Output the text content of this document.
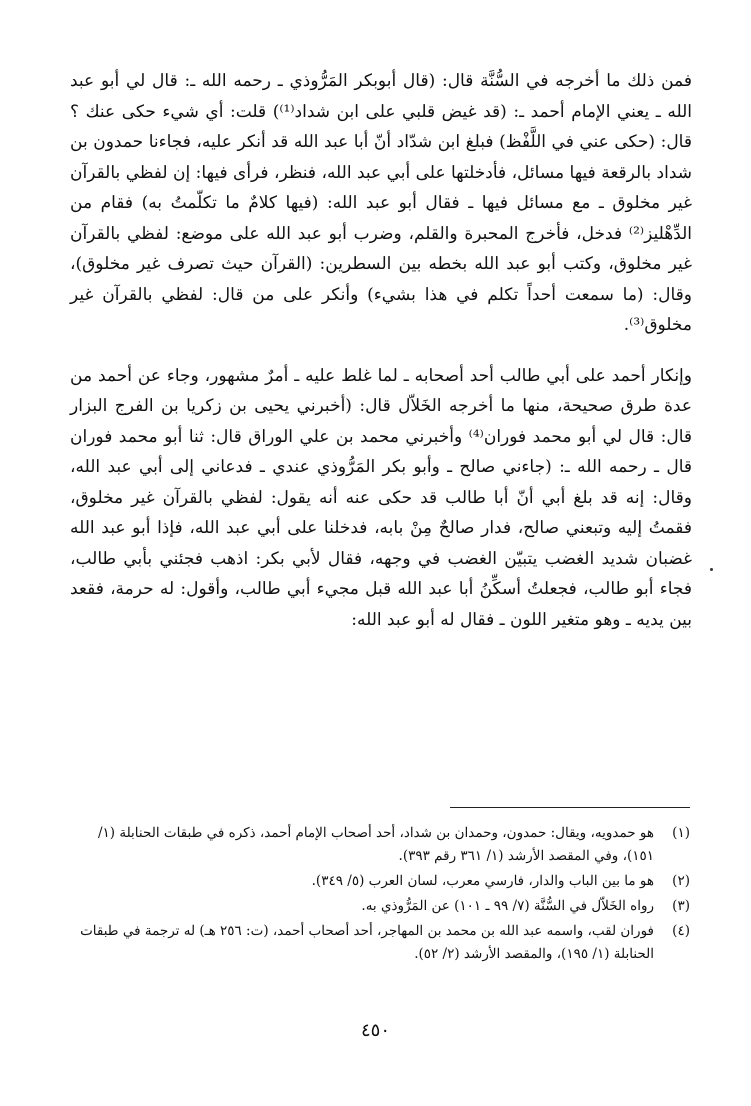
فمن ذلك ما أخرجه في السُّنَّة قال: (قال أبوبكر المَرُّوذي ـ رحمه الله ـ: قال لي أبو عبد الله ـ يعني الإمام أحمد ـ: (قد غيض قلبي على ابن شداد⁽¹⁾) قلت: أي شيء حكى عنك ؟ قال: (حكى عني في اللَّفْظ) فبلغ ابن شدّاد أنّ أبا عبد الله قد أنكر عليه، فجاءنا حمدون بن شداد بالرقعة فيها مسائل، فأدخلتها على أبي عبد الله، فنظر، فرأى فيها: إن لفظي بالقرآن غير مخلوق ـ مع مسائل فيها ـ فقال أبو عبد الله: (فيها كلامٌ ما تكلّمتُ به) فقام من الدِّهْليز⁽²⁾ فدخل، فأخرج المحبرة والقلم، وضرب أبو عبد الله على موضع: لفظي بالقرآن غير مخلوق، وكتب أبو عبد الله بخطه بين السطرين: (القرآن حيث تصرف غير مخلوق)، وقال: (ما سمعت أحداً تكلم في هذا بشيء) وأنكر على من قال: لفظي بالقرآن غير مخلوق⁽³⁾.

وإنكار أحمد على أبي طالب أحد أصحابه ـ لما غلط عليه ـ أمرٌ مشهور، وجاء عن أحمد من عدة طرق صحيحة، منها ما أخرجه الخَلاّل قال: (أخبرني يحيى بن زكريا بن الفرج البزار قال: قال لي أبو محمد فوران⁽⁴⁾ وأخبرني محمد بن علي الوراق قال: ثنا أبو محمد فوران قال ـ رحمه الله ـ: (جاءني صالح ـ وأبو بكر المَرُّوذي عندي ـ فدعاني إلى أبي عبد الله، وقال: إنه قد بلغ أبي أنّ أبا طالب قد حكى عنه أنه يقول: لفظي بالقرآن غير مخلوق، فقمتُ إليه وتبعني صالح، فدار صالحٌ مِنْ بابه، فدخلنا على أبي عبد الله، فإذا أبو عبد الله غضبان شديد الغضب يتبيّن الغضب في وجهه، فقال لأبي بكر: اذهب فجئني بأبي طالب، فجاء أبو طالب، فجعلتُ أسكِّنُ أبا عبد الله قبل مجيء أبي طالب، وأقول: له حرمة، فقعد بين يديه ـ وهو متغير اللون ـ فقال له أبو عبد الله:

(١)
هو حمدويه، ويقال: حمدون، وحمدان بن شداد، أحد أصحاب الإمام أحمد، ذكره في طبقات الحنابلة (١/ ١٥١)، وفي المقصد الأرشد (١/ ٣٦١ رقم ٣٩٣).
(٢)
هو ما بين الباب والدار، فارسي معرب، لسان العرب (٥/ ٣٤٩).
(٣)
رواه الخَلاّل في السُّنَّة (٧/ ٩٩ ـ ١٠١) عن المَرُّوذي به.
(٤)
فوران لقب، واسمه عبد الله بن محمد بن المهاجر، أحد أصحاب أحمد، (ت: ٢٥٦ هـ) له ترجمة في طبقات الحنابلة (١/ ١٩٥)، والمقصد الأرشد (٢/ ٥٢).
٤٥٠
